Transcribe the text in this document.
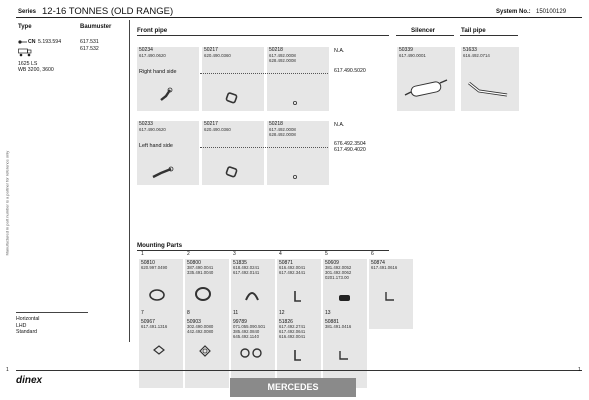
Manufactured in part number is a partner for reference only
Series 12-16 TONNES (OLD RANGE)	System No.: 150100129
Type	Baumuster
CN 5.193.594
1625 LS
WB 3200, 3600
617.531
617.532
Horizontal
LHD
Standard
Front pipe	Silencer	Tail pipe
50234
617.490.0620
Right hand side
50217
620.490.0360
50218
617.492.0008
628.492.0008
N.A.
617.490.5020
50339
617.490.0001
51633
616.492.0714
50233
617.490.0620
Left hand side
50217
620.490.0360
50218
617.492.0008
628.492.0008
N.A.
676.492.3504
617.490.4020
Mounting Parts
1
50810
620.997.0490
2
50800
387.490.0041
335.491.0040
3
51835
618.492.0241
617.492.0141
4
50871
616.492.0041
617.492.3441
5
50609
381.492.0052
301.492.0062
0201.173.00
6
50874
617.491.0616
7
50967
617.491.1316
8
50903
302.490.0080
442.492.0080
11
99789
071.055.090.501
385.492.0840
645.492.1140
12
51826
617.492.2741
617.492.0641
616.492.0041
13
50881
381.491.0416
dinex
MERCEDES
1	1
